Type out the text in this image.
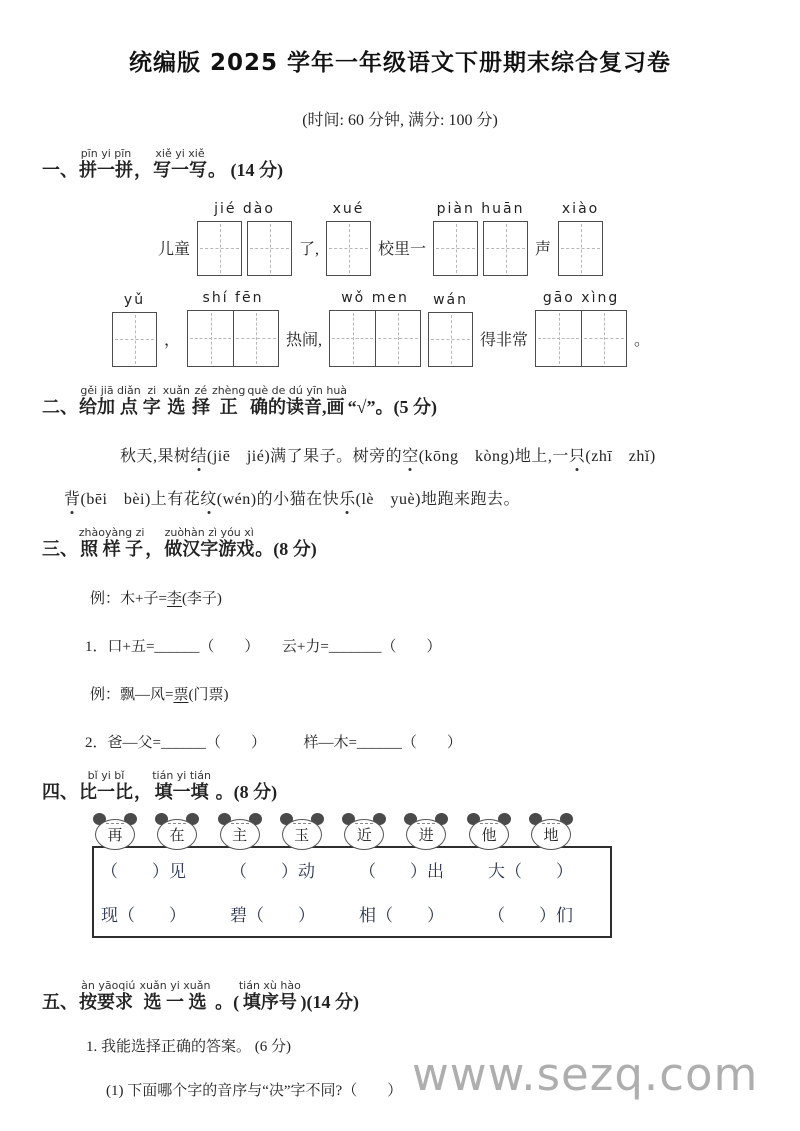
统编版 2025 学年一年级语文下册期末综合复习卷
(时间: 60 分钟, 满分: 100 分)
一、拼一拼pīn yi pīn，写一写xiě yi xiě。 (14 分)
儿童
jié dào
了,
xué
校里一
piàn huān
声
xiào
yǔ
，
shí fēn
热闹,
wǒ men wán
得非常
gāo xìng
。
二、给加gěi jiā点diǎn字zi选xuǎn择zé正zhèng确的读音,画què de dú yīn huà“√”。(5 分)
秋天,果树结(jiē　jié)满了果子。树旁的空(kōng　kòng)地上,一只(zhī　zhǐ)
背(bēi　bèi)上有花纹(wén)的小猫在快乐(lè　yuè)地跑来跑去。
三、照 样 子zhàoyàng zi，做汉字游戏zuòhàn zì yóu xì。(8 分)
例：木+子=李(李子)
1．口+五=______（　　）　　云+力=_______（　　）
例：飘—风=票(门票)
2．爸—父=______（　　）　　　样—木=______（　　）
四、比一比bǐ yi bǐ，填一填tián yi tián 。(8 分)
再	在	主	玉	近	进	他	地
（　　）见	（　　）动	（　　）出	大（　　）
现（　　）	碧（　　）	相（　　）	（　　）们
五、按要求 àn yāoqiú选 一 选xuǎn yi xuǎn 。(填序号tián xù hào)(14 分)
1. 我能选择正确的答案。 (6 分)
(1) 下面哪个字的音序与“决”字不同?（　　） www.sezq.com
